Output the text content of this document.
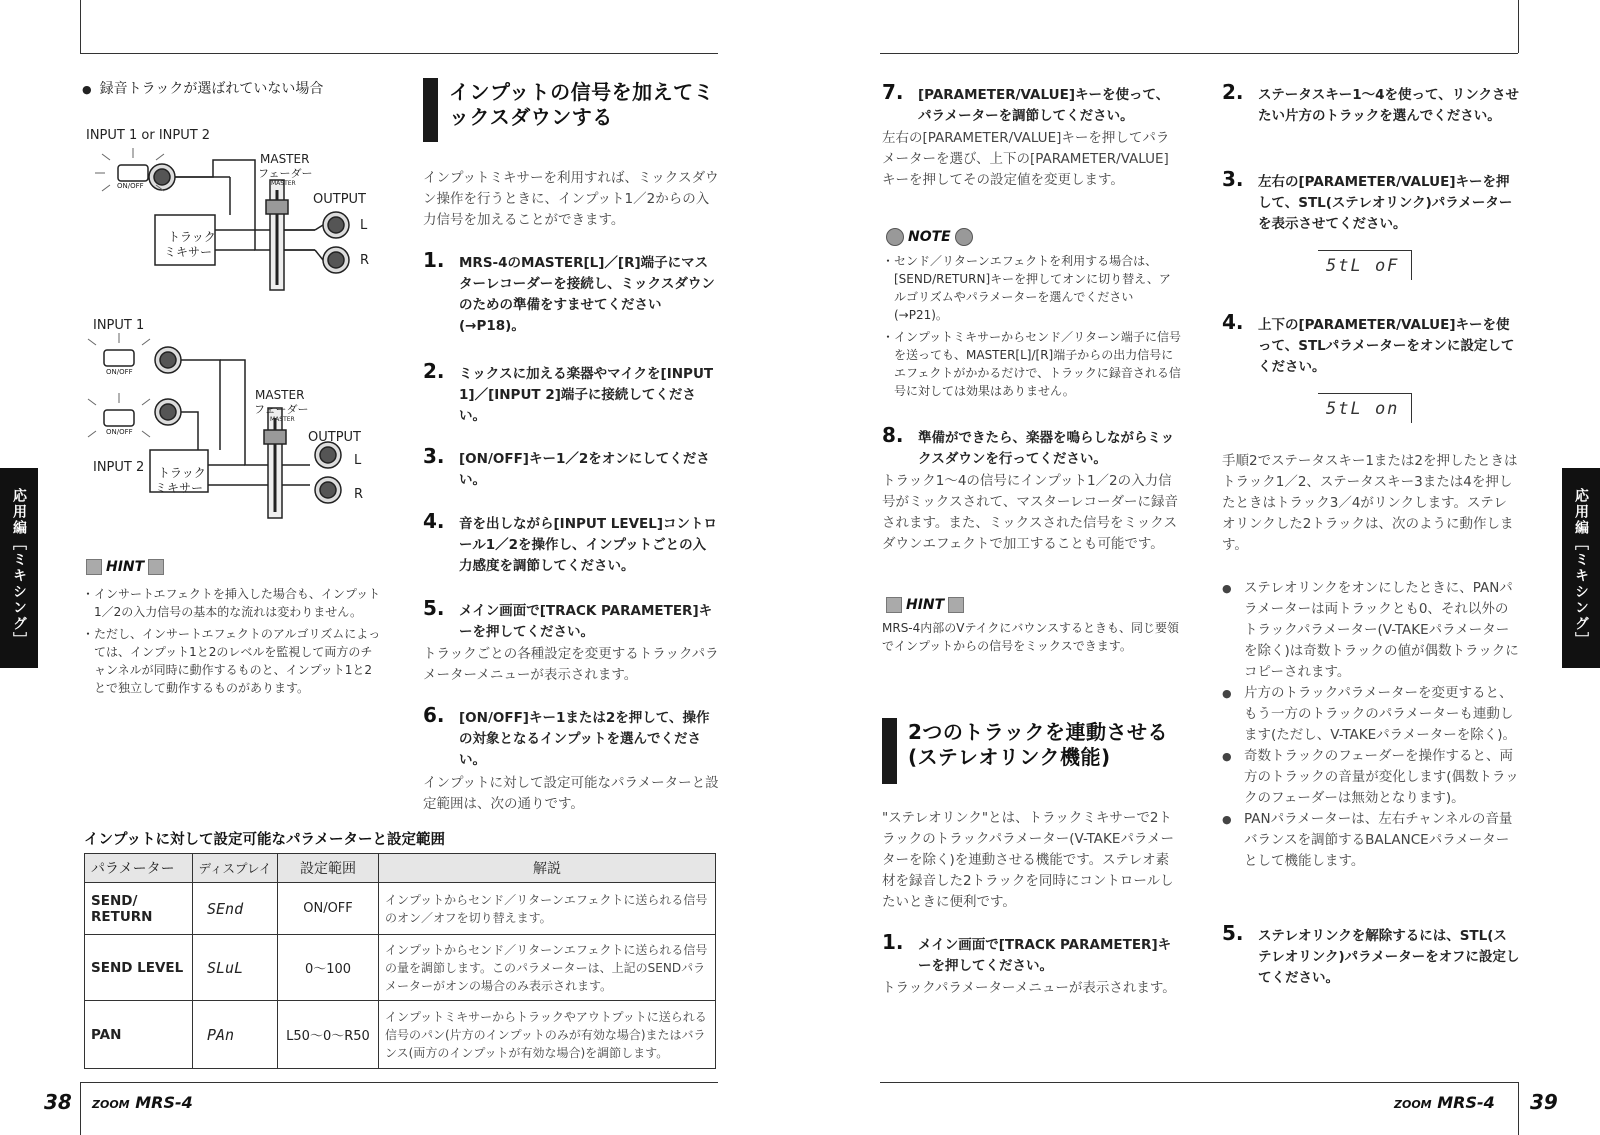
● 録音トラックが選ばれていない場合
INPUT 1 or INPUT 2
ON/OFF
MASTER
フェーダー
MASTER
OUTPUT
L
R
トラック
ミキサー
INPUT 1
ON/OFF
ON/OFF
MASTER
フェーダー
MASTER
OUTPUT
L
R
INPUT 2 トラック
ミキサー
HINT
・インサートエフェクトを挿入した場合も、インプット1／2の入力信号の基本的な流れは変わりません。
・ただし、インサートエフェクトのアルゴリズムによっては、インプット1と2のレベルを監視して両方のチャンネルが同時に動作するものと、インプット1と2とで独立して動作するものがあります。
インプットの信号を加えてミ
ックスダウンする
インプットミキサーを利用すれば、ミックスダウン操作を行うときに、インプット1／2からの入力信号を加えることができます。
1. MRS-4のMASTER[L]／[R]端子にマスターレコーダーを接続し、ミックスダウンのための準備をすませてください(→P18)。
2. ミックスに加える楽器やマイクを[INPUT 1]／[INPUT 2]端子に接続してください。
3. [ON/OFF]キー1／2をオンにしてください。
4. 音を出しながら[INPUT LEVEL]コントロール1／2を操作し、インプットごとの入力感度を調節してください。
5. メイン画面で[TRACK PARAMETER]キーを押してください。
トラックごとの各種設定を変更するトラックパラメーターメニューが表示されます。
6. [ON/OFF]キー1または2を押して、操作の対象となるインプットを選んでください。
インプットに対して設定可能なパラメーターと設定範囲は、次の通りです。
インプットに対して設定可能なパラメーターと設定範囲
パラメーター	ディスプレイ	設定範囲	解説
SEND/ RETURN	SEnd	ON/OFF	インプットからセンド／リターンエフェクトに送られる信号のオン／オフを切り替えます。
SEND LEVEL	SLuL	0〜100	インプットからセンド／リターンエフェクトに送られる信号の量を調節します。このパラメーターは、上記のSENDパラメーターがオンの場合のみ表示されます。
PAN	PAn	L50〜0〜R50	インプットミキサーからトラックやアウトプットに送られる信号のパン(片方のインプットのみが有効な場合)またはバランス(両方のインプットが有効な場合)を調節します。
応用編［ミキシング］
38 ZOOM MRS-4
7. [PARAMETER/VALUE]キーを使って、パラメーターを調節してください。
左右の[PARAMETER/VALUE]キーを押してパラメーターを選び、上下の[PARAMETER/VALUE]キーを押してその設定値を変更します。
NOTE
・センド／リターンエフェクトを利用する場合は、[SEND/RETURN]キーを押してオンに切り替え、アルゴリズムやパラメーターを選んでください(→P21)。
・インプットミキサーからセンド／リターン端子に信号を送っても、MASTER[L]/[R]端子からの出力信号にエフェクトがかかるだけで、トラックに録音される信号に対しては効果はありません。
8. 準備ができたら、楽器を鳴らしながらミックスダウンを行ってください。
トラック1〜4の信号にインプット1／2の入力信号がミックスされて、マスターレコーダーに録音されます。また、ミックスされた信号をミックスダウンエフェクトで加工することも可能です。
HINT
MRS-4内部のVテイクにバウンスするときも、同じ要領でインプットからの信号をミックスできます。
2つのトラックを連動させる
(ステレオリンク機能)
"ステレオリンク"とは、トラックミキサーで2トラックのトラックパラメーター(V-TAKEパラメーターを除く)を連動させる機能です。ステレオ素材を録音した2トラックを同時にコントロールしたいときに便利です。
1. メイン画面で[TRACK PARAMETER]キーを押してください。
トラックパラメーターメニューが表示されます。
2. ステータスキー1〜4を使って、リンクさせたい片方のトラックを選んでください。
3. 左右の[PARAMETER/VALUE]キーを押して、STL(ステレオリンク)パラメーターを表示させてください。
5tL oF
4. 上下の[PARAMETER/VALUE]キーを使って、STLパラメーターをオンに設定してください。
5tL on
手順2でステータスキー1または2を押したときはトラック1／2、ステータスキー3または4を押したときはトラック3／4がリンクします。ステレオリンクした2トラックは、次のように動作します。
● ステレオリンクをオンにしたときに、PANパラメーターは両トラックとも0、それ以外のトラックパラメーター(V-TAKEパラメーターを除く)は奇数トラックの値が偶数トラックにコピーされます。
● 片方のトラックパラメーターを変更すると、もう一方のトラックのパラメーターも連動します(ただし、V-TAKEパラメーターを除く)。
● 奇数トラックのフェーダーを操作すると、両方のトラックの音量が変化します(偶数トラックのフェーダーは無効となります)。
● PANパラメーターは、左右チャンネルの音量バランスを調節するBALANCEパラメーターとして機能します。
5. ステレオリンクを解除するには、STL(ステレオリンク)パラメーターをオフに設定してください。
応用編［ミキシング］
ZOOM MRS-4 39
